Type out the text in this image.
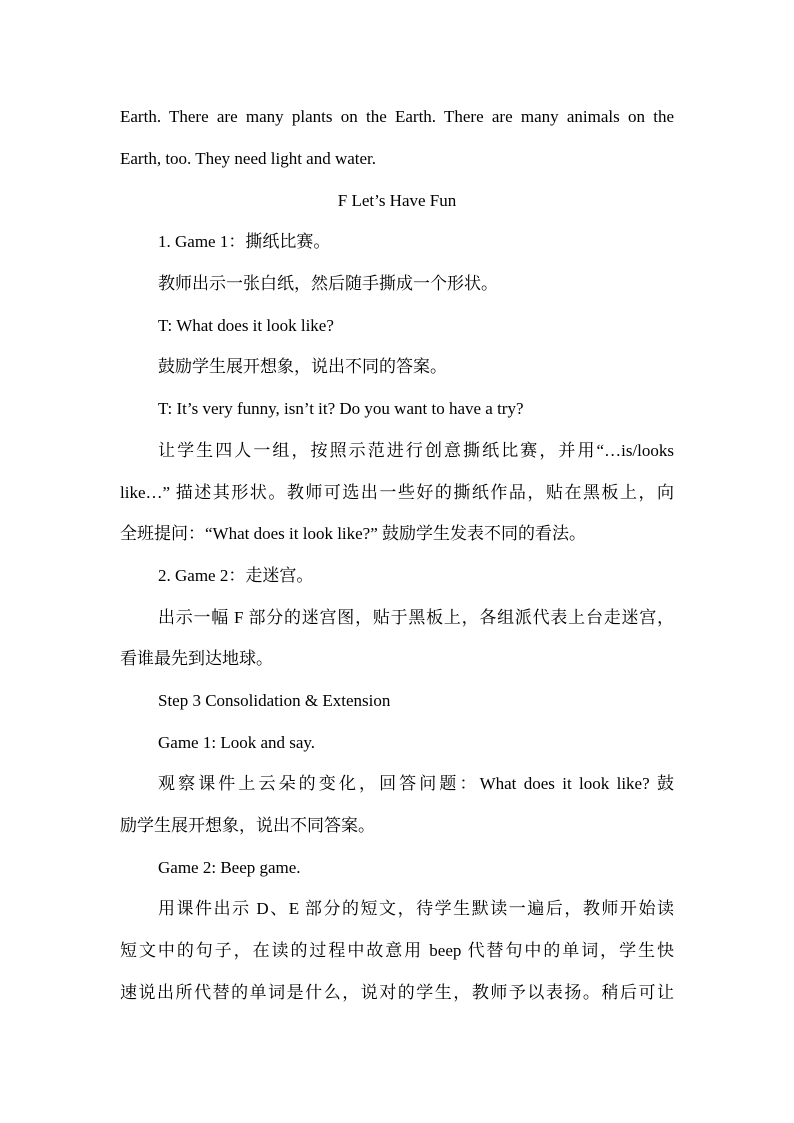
Earth. There are many plants on the Earth. There are many animals on the
Earth, too. They need light and water.
F Let’s Have Fun
1. Game 1：撕纸比赛。
教师出示一张白纸，然后随手撕成一个形状。
T: What does it look like?
鼓励学生展开想象，说出不同的答案。
T: It’s very funny, isn’t it? Do you want to have a try?
让学生四人一组，按照示范进行创意撕纸比赛，并用“…is/looks
like…” 描述其形状。教师可选出一些好的撕纸作品，贴在黑板上，向
全班提问：“What does it look like?” 鼓励学生发表不同的看法。
2. Game 2：走迷宫。
出示一幅 F 部分的迷宫图，贴于黑板上，各组派代表上台走迷宫，
看谁最先到达地球。
Step 3 Consolidation & Extension
Game 1: Look and say.
观察课件上云朵的变化，回答问题：What does it look like? 鼓
励学生展开想象，说出不同答案。
Game 2: Beep game.
用课件出示 D、E 部分的短文，待学生默读一遍后，教师开始读
短文中的句子，在读的过程中故意用 beep 代替句中的单词，学生快
速说出所代替的单词是什么，说对的学生，教师予以表扬。稍后可让
